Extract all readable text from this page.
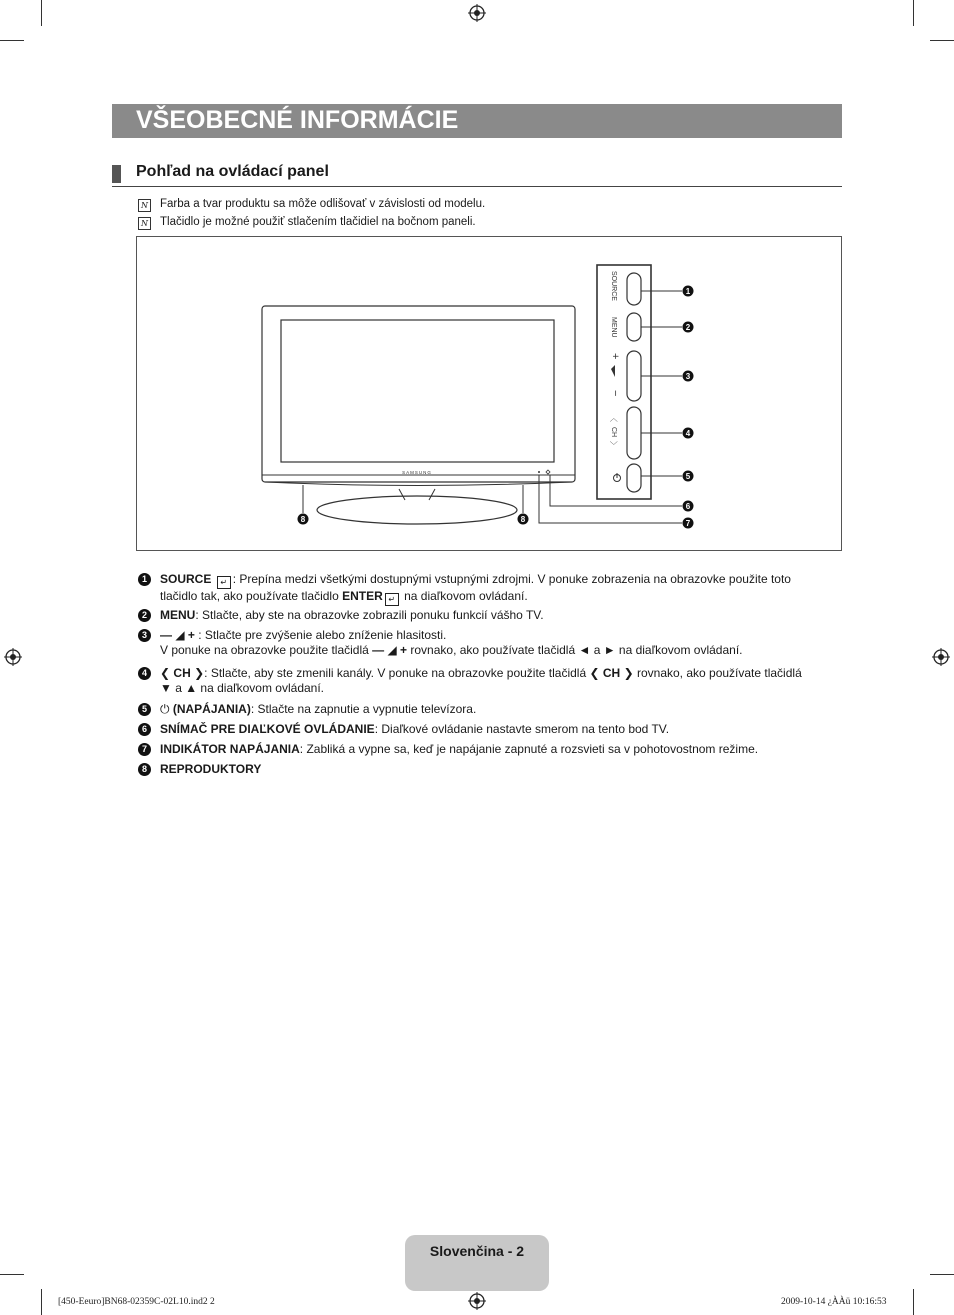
VŠEOBECNÉ INFORMÁCIE
Pohľad na ovládací panel
N Farba a tvar produktu sa môže odlišovať v závislosti od modelu.
N Tlačidlo je možné použiť stlačením tlačidiel na bočnom paneli.
SAMSUNG
SOURCE
MENU
+
−
〈
CH
〉
1
2
3
4
5
6
7
8	8
1	SOURCE ↵ : Prepína medzi všetkými dostupnými vstupnými zdrojmi. V ponuke zobrazenia na obrazovke použite toto
tlačidlo tak, ako používate tlačidlo ENTER ↵ na diaľkovom ovládaní.
2	MENU: Stlačte, aby ste na obrazovke zobrazili ponuku funkcií vášho TV.
3	— ◢ + : Stlačte pre zvýšenie alebo zníženie hlasitosti.
V ponuke na obrazovke použite tlačidlá — ◢ + rovnako, ako používate tlačidlá ◄ a ► na diaľkovom ovládaní.
4	❮ CH ❯: Stlačte, aby ste zmenili kanály. V ponuke na obrazovke použite tlačidlá ❮ CH ❯ rovnako, ako používate tlačidlá
▼ a ▲ na diaľkovom ovládaní.
5	⏻ (NAPÁJANIA): Stlačte na zapnutie a vypnutie televízora.
6	SNÍMAČ PRE DIAĽKOVÉ OVLÁDANIE: Diaľkové ovládanie nastavte smerom na tento bod TV.
7	INDIKÁTOR NAPÁJANIA: Zabliká a vypne sa, keď je napájanie zapnuté a rozsvieti sa v pohotovostnom režime.
8	REPRODUKTORY
Slovenčina - 2
[450-Eeuro]BN68-02359C-02L10.ind2 2	2009-10-14 ¿ÀÀü 10:16:53
